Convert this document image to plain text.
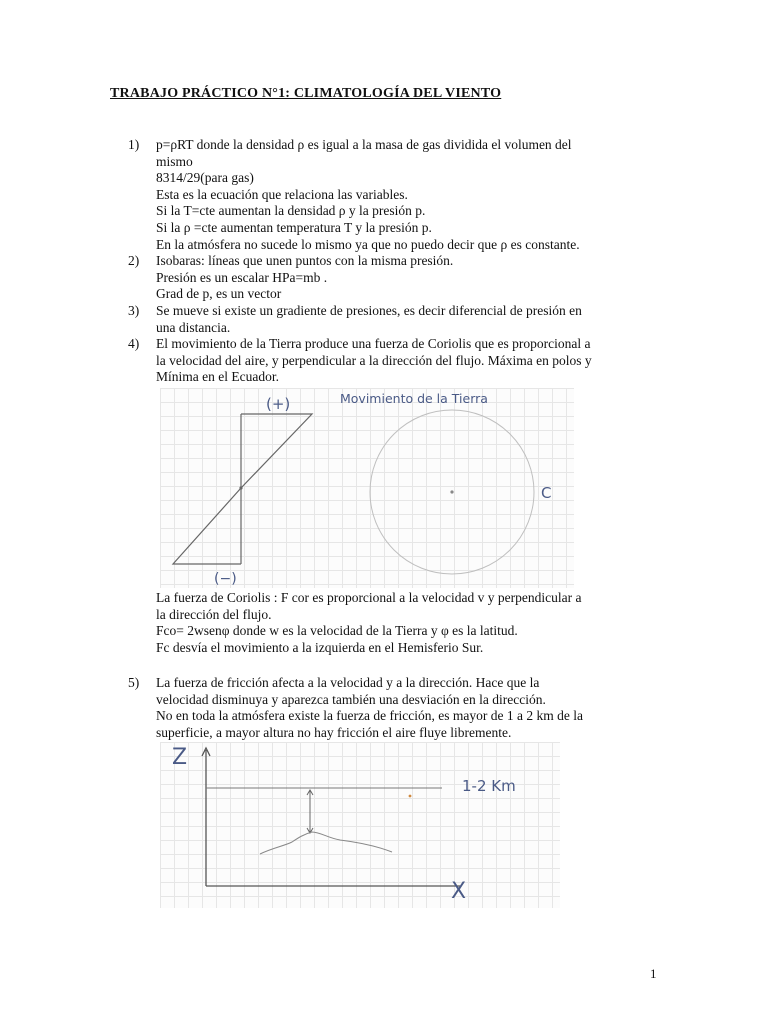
TRABAJO PRÁCTICO N°1: CLIMATOLOGÍA DEL VIENTO
1) p=ρRT donde la densidad ρ es igual a la masa de gas dividida el volumen del
mismo
8314/29(para gas)
Esta es la ecuación que relaciona las variables.
Si la T=cte aumentan la densidad ρ y la presión p.
Si la ρ =cte aumentan temperatura T y la presión p.
En la atmósfera no sucede lo mismo ya que no puedo decir que ρ es constante.
2) Isobaras: líneas que unen puntos con la misma presión.
Presión es un escalar HPa=mb .
Grad de p, es un vector
3) Se mueve si existe un gradiente de presiones, es decir diferencial de presión en
una distancia.
4) El movimiento de la Tierra produce una fuerza de Coriolis que es proporcional a
la velocidad del aire, y perpendicular a la dirección del flujo. Máxima en polos y
Mínima en el Ecuador.
(+)
(−)
Movimiento de la Tierra
C
La fuerza de Coriolis : F cor es proporcional a la velocidad v y perpendicular a
la dirección del flujo.
Fco= 2wsenφ donde w es la velocidad de la Tierra y φ es la latitud.
Fc desvía el movimiento a la izquierda en el Hemisferio Sur.
5) La fuerza de fricción afecta a la velocidad y a la dirección. Hace que la
velocidad disminuya y aparezca también una desviación en la dirección.
No en toda la atmósfera existe la fuerza de fricción, es mayor de 1 a 2 km de la
superficie, a mayor altura no hay fricción el aire fluye libremente.
Z
X
1-2 Km
1
